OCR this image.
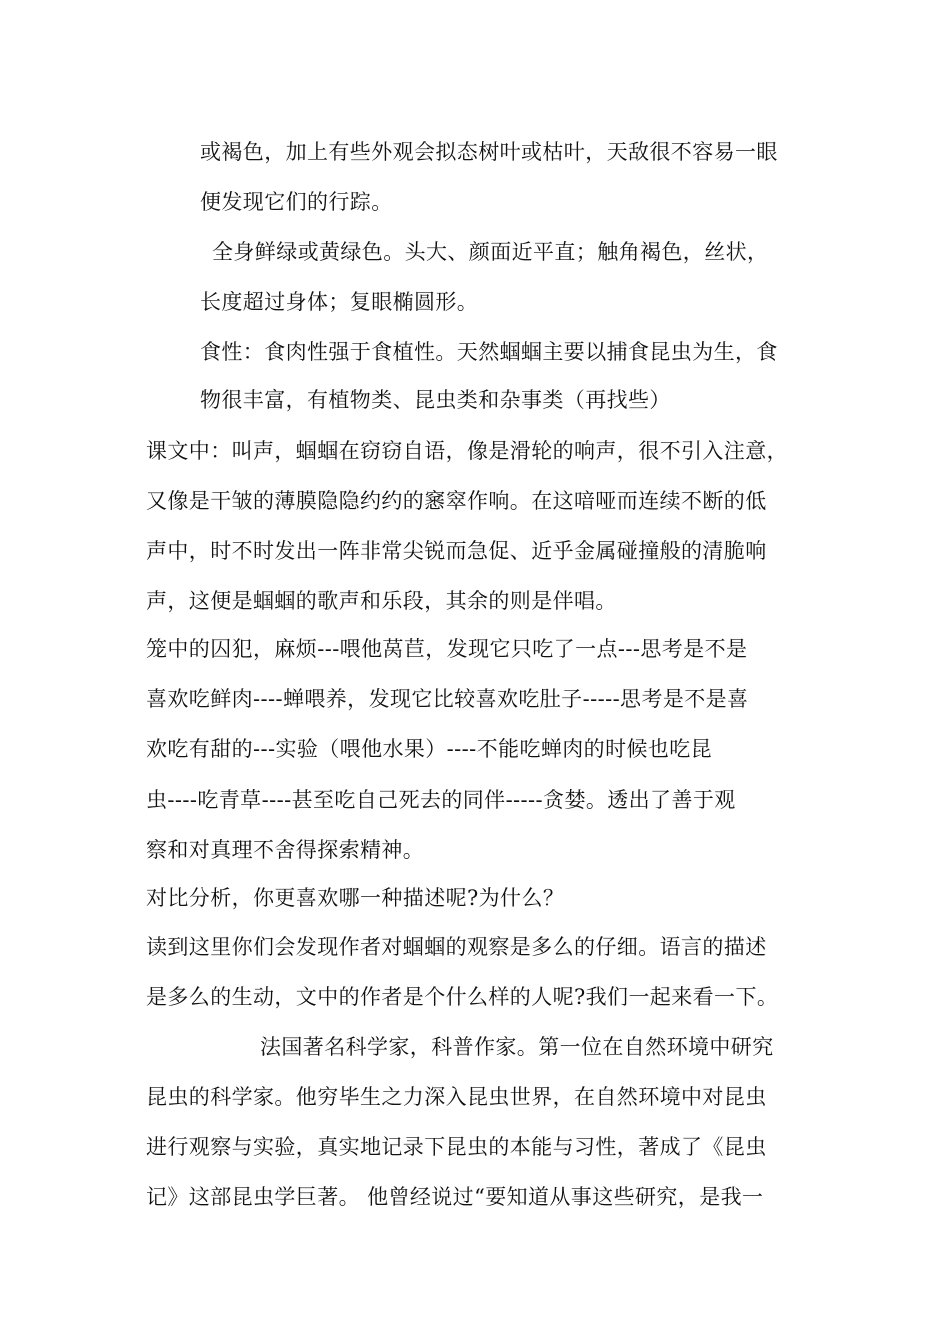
或褐色，加上有些外观会拟态树叶或枯叶，天敌很不容易一眼
便发现它们的行踪。
全身鲜绿或黄绿色。头大、颜面近平直；触角褐色，丝状，
长度超过身体；复眼椭圆形。
食性：食肉性强于食植性。天然蝈蝈主要以捕食昆虫为生，食
物很丰富，有植物类、昆虫类和杂事类（再找些）
课文中：叫声，蝈蝈在窃窃自语，像是滑轮的响声，很不引入注意，
又像是干皱的薄膜隐隐约约的窸窣作响。在这喑哑而连续不断的低
声中，时不时发出一阵非常尖锐而急促、近乎金属碰撞般的清脆响
声，这便是蝈蝈的歌声和乐段，其余的则是伴唱。
笼中的囚犯，麻烦---喂他莴苣，发现它只吃了一点---思考是不是
喜欢吃鲜肉----蝉喂养，发现它比较喜欢吃肚子-----思考是不是喜
欢吃有甜的---实验（喂他水果）----不能吃蝉肉的时候也吃昆
虫----吃青草----甚至吃自己死去的同伴-----贪婪。透出了善于观
察和对真理不舍得探索精神。
对比分析，你更喜欢哪一种描述呢?为什么？
读到这里你们会发现作者对蝈蝈的观察是多么的仔细。语言的描述
是多么的生动，文中的作者是个什么样的人呢?我们一起来看一下。
法国著名科学家，科普作家。第一位在自然环境中研究
昆虫的科学家。他穷毕生之力深入昆虫世界，在自然环境中对昆虫
进行观察与实验，真实地记录下昆虫的本能与习性，著成了《昆虫
记》这部昆虫学巨著。 他曾经说过“要知道从事这些研究，是我一
